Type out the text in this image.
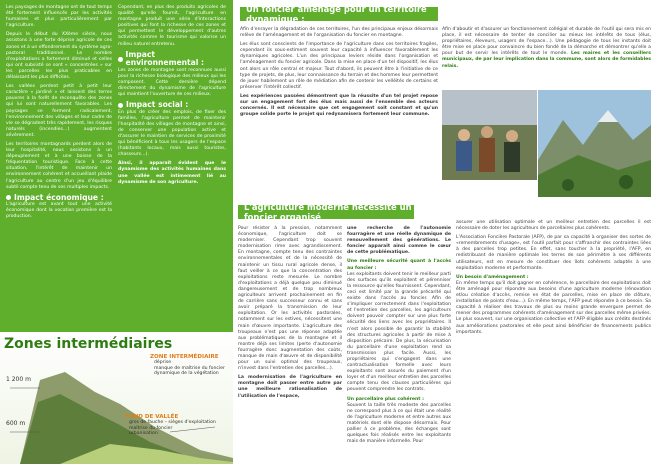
Les paysages de montagne ont de tout temps été fortement influencés par les activités humaines et plus particulièrement par l'agriculture.

Depuis le début du XXème siècle, nous assistons à une forte déprise agricole de ces zones et à un effondrement du système agro-pastoral traditionnel. Le nombre d'exploitations a fortement diminué et celles qui ont subsisté se sont « concentrées » sur les parcelles les plus praticables en délaissant les plus difficiles.

Les vallées perdent petit à petit leur caractère « jardiné » et laissent des terres pauvres à la forêt de reconquête des zones qui lui sont naturellement favorables. Les paysages se ferment radicalement, l'environnement des villages et leur cadre de vie se dégradent très rapidement, les risques naturels (incendies…) augmentent sévèrement.

Les territoires montagnards perdent alors de leur hospitalité, nous assistons à un dépeuplement et à une baisse de la fréquentation touristique. Face à cette situation, l'intérêt de maintenir un environnement cohérent et accueillant plaide l'agriculture au centre d'un jeu d'équilibre subtil compte tenu de ses multiples impacts.

Impact économique :

L'agriculture est avant tout une activité économique dont la vocation première est la production.

Cependant, en plus des produits agricoles de qualité qu'elle fournit, l'agriculture en montagne produit une série d'interactions positives qui font la richesse de ces zones et qui permettent le développement d'autres activités comme le tourisme qui valorise un milieu naturel entretenu.

Impact environnemental :

Les zones de montagne sont reconnues aussi pour la richesse biologique des milieux qui les composent. Cette dernière dépend directement du dynamisme de l'agriculture qui maintient l'ouverture de ces milieux.

Impact social :

En plus de créer des emplois, de fixer des familles, l'agriculture permet de maintenir l'hospitalité des villages de montagne et ainsi, de conserver une population active et d'assurer le maintien de services de proximité qui bénéficient à tous les usagers de l'espace (habitants locaux, mais aussi touristes, chasseurs…).

Ainsi, il apparaît évident que le dynamisme des activités humaines dans une vallée est intimement lié au dynamisme de son agriculture.

Un foncier aménagé pour un territoire dynamique :

Afin d'enrayer la dégradation de ces territoires, l'un des principaux enjeux désormais relève de l'aménagement et de l'organisation du foncier en montagne.

Les élus sont conscients de l'importance de l'agriculture dans ces territoires fragiles, cependant ils sous-estiment souvent leur capacité à influencer favorablement les dynamiques agricoles. L'un des principaux leviers réside dans l'organisation et l'aménagement du foncier agricole. Dans la mise en place d'un tel dispositif, les élus ont alors un rôle central et majeur. Tout d'abord, ils peuvent être à l'initiative de ce type de projets, de plus, leur connaissance du terrain et des hommes leur permettent de jouer habilement un rôle de médiation afin de contenir les velléités de certains et préserver l'intérêt collectif.

Les expériences passées démontrent que la réussite d'un tel projet repose sur un engagement fort des élus mais aussi de l'ensemble des acteurs concernés. Il est nécessaire que cet engagement soit constant et qu'un groupe solide porte le projet qui redynamisera fortement leur commune.

Afin d'aboutir et d'assurer un fonctionnement collégial et durable de l'outil qui sera mis en place, il est nécessaire de tenter de concilier au mieux les intérêts de tous (élus, propriétaires, éleveurs, usagers de l'espace…). Une pédagogie de tous les instants doit être mise en place pour convaincre du bien fondé de la démarche et démontrer qu'elle a pour but de servir les intérêts de tout le monde. Les maires et les conseillers municipaux, de par leur implication dans la commune, sont alors de formidables relais.

L'agriculture moderne nécessite un foncier organisé

Pour résister à la pression, notamment économique, l'agriculture doit se moderniser. Cependant trop souvent modernisation rime avec agrandissement. En montagne, compte tenu des contraintes environnementales et de la nécessité de maintenir un tissu rural agricole dense, il faut veiller à ce que la concentration des exploitations reste mesurée. Le nombre d'exploitations a déjà quelque peu diminué dangereusement et de trop nombreux agriculteurs arrivent prochainement en fin de carrière sans successeur connu et sans avoir préparé la transmission de leur exploitation. Or les activités pastorales, notamment sur les estives, nécessitent une main d'œuvre importante. L'agriculture des troupeaux n'est pas une réponse adaptée aux problématiques de la montagne et il montre déjà ses limites (perte d'autonomie fourragère donc augmentation des coûts, manque de main d'œuvre et de disponibilité pour un suivi optimal des troupeaux, n'invest dans l'entretien des parcelles…).

La modernisation de l'agriculture en montagne doit passer entre autre par une meilleure rationalisation de l'utilisation de l'espace,

une recherche de l'autonomie fourragère et une réelle dynamique de renouvellement des générations. Le foncier apparaît ainsi comme le cœur de cette problématique.

Une meilleure sécurité quant à l'accès au foncier :

Les exploitants doivent tenir le meilleur parti des surfaces qu'ils exploitent et pérenniser la ressource qu'elles fournissent. Cependant, ceci est limité par la grande précarité qui existe dans l'accès au foncier. Afin de s'impliquer correctement dans l'exploitation et l'entretien des parcelles, les agriculteurs doivent pouvoir compter sur une plus forte sécurité des liens avec les propriétaires. Il n'est alors possible de garantir la stabilité des structures agricoles à partir de mise à disposition précaire. De plus, la sécurisation du parcellaire d'une exploitation rend sa transmission plus facile. Aussi, les propriétaires qui s'engagent dans une contractualisation formelle avec leurs exploitants sont assurés du paiement d'un loyer et d'un meilleur entretien des parcelles compte tenu des clauses particulières qui peuvent comprendre les contrats.

Un parcellaire plus cohérent :

Souvent la taille très modeste des parcelles ne correspond plus à ce qui était une réalité de l'agriculture moderne et entre autres aux matériels dont elle dispose désormais. Pour pallier à ce problème, des échanges sont quelques fois réalisés entre les exploitants mais de manière informelle. Pour

assurer une utilisation optimale et un meilleur entretien des parcelles il est nécessaire de doter les agriculteurs de parcellaires plus cohérents.

L'Association Foncière Pastorale (AFP), de par sa capacité à organiser des sortes de «remembrements d'usage», est l'outil parfait pour s'affranchir des contraintes liées à des parcelles trop petites. En effet, sans toucher à la propriété, l'AFP, en redistribuant de manière optimale les terres de son périmètre à ses différents utilisateurs, est en mesure de constituer des îlots cohérents adaptés à une exploitation moderne et performante.

Un besoin d'aménagement :

En même temps qu'il doit gagner en cohérence, le parcellaire des exploitations doit être aménagé pour répondre aux besoins d'une agriculture moderne (rénovation et/ou création d'accès, remise en état de parcelles, mise en place de clôture, installation de points d'eau…). En même temps, l'AFP peut répondre à ce besoin. Sa capacité à réaliser des travaux de plus ou moins grande envergure permet de mener des programmes cohérents d'aménagement sur des parcelles même privées. Le plus souvent, sur une organisation collective et l'AFP éligible aux crédits destinés aux améliorations pastorales et elle peut ainsi bénéficier de financements publics importants.

Zones intermédiaires
1 200 m
600 m
ZONE INTERMÉDIAIRE
déprise
manque de maîtrise du foncier
dynamique de la végétation
FOND DE VALLÉE
gros de fauche – sièges d'exploitation
maîtrise du foncier
urbanisation
